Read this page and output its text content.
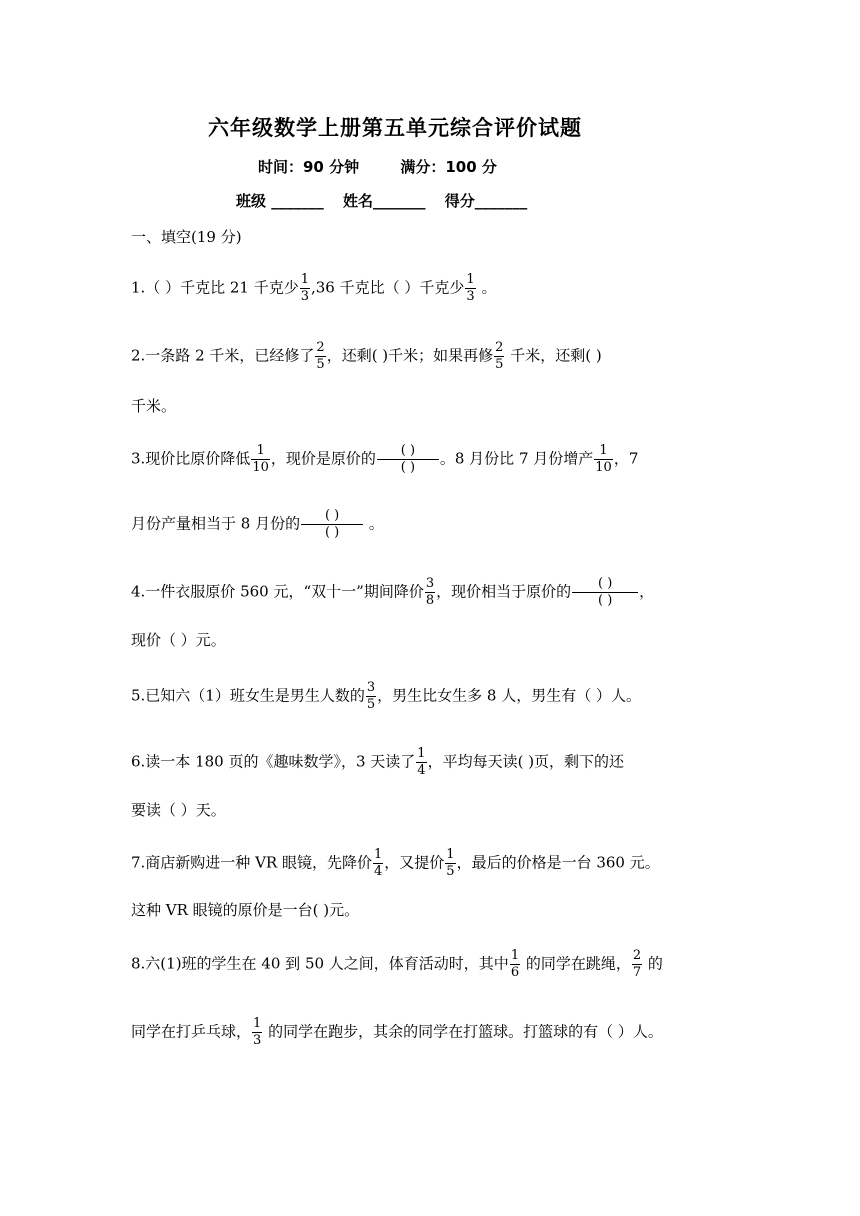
六年级数学上册第五单元综合评价试题
时间：90 分钟	满分：100 分
班级 _______ 姓名_______ 得分_______
一、填空(19 分)
1.（ ）千克比 21 千克少 $\frac{1}{3} ,36$ 千克比（ ）千克少 $\frac{1}{3}$ 。
2.一条路 2 千米，已经修了 $\frac{2}{5}$ ，还剩( )千米；如果再修 $\frac{2}{5}$ 千米，还剩( )
千米。
3.现价比原价降低 $\frac{1}{10}$ ，现价是原价的 $\frac{( )}{( )}$ 。8 月份比 7 月份增产 $\frac{1}{10}$ ，7
月份产量相当于 8 月份的 $\frac{( )}{( )}$ 。
4.一件衣服原价 560 元，“双十一”期间降价 $\frac{3}{8}$ ，现价相当于原价的 $\frac{( )}{( )}$ ，
现价（ ）元。
5.已知六（1）班女生是男生人数的 $\frac{3}{5}$ ，男生比女生多 8 人，男生有（ ）人。
6.读一本 180 页的《趣味数学》，3 天读了 $\frac{1}{4}$ ，平均每天读( )页，剩下的还
要读（ ）天。
7.商店新购进一种 VR 眼镜，先降价 $\frac{1}{4}$ ，又提价 $\frac{1}{5}$ ，最后的价格是一台 360 元。
这种 VR 眼镜的原价是一台( )元。
8.六(1)班的学生在 40 到 50 人之间，体育活动时，其中 $\frac{1}{6}$ 的同学在跳绳， $\frac{2}{7}$ 的
同学在打乒乓球， $\frac{1}{3}$ 的同学在跑步，其余的同学在打篮球。打篮球的有（ ）人。
